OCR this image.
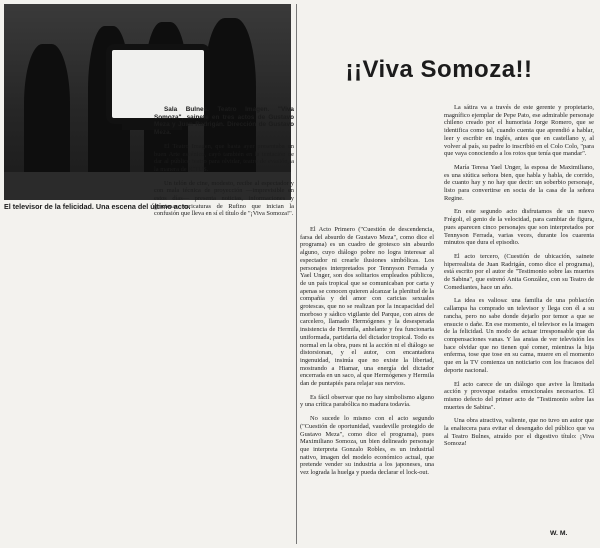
El televisor de la felicidad. Una escena del último acto.
¡¡Viva Somoza!!

Sala Bulnes. Teatro Imagen. "Viva Somoza", sainete en tres actos de Gustavo Meza y Juan Radrigán. Dirección de Gustavo Meza.

El Teatro Imagen, que hasta ayer presentaba un buen Arte escénico, cayó también en la tentación de dar al público teatro para olvidar, teatro de evasión, a la manera de ICTUS.

Un telón de cine, modesto, recibe al espectador y con mala técnica de proyección —imprevisible en estos días— presenta noticias, informaciones y graciosas caricaturas de Rufino que inician la confusión que lleva en sí el título de "¡Viva Somoza!".

El Acto Primero ("Cuestión de descendencia, farsa del absurdo de Gustavo Meza", como dice el programa) es un cuadro de grotesco sin absurdo alguno, cuyo diálogo pobre no logra interesar al espectador ni crearle ilusiones simbólicas. Los personajes interpretados por Tennyson Ferrada y Yael Unger, son dos solitarios empleados públicos, de un país tropical que se comunicaban por carta y apenas se conocen quieren alcanzar la plenitud de la compañía y del amor con caricias sexuales grotescas, que no se realizan por la incapacidad del morboso y sádico vigilante del Parque, con aires de carcelero, llamado Hermógenes y la desesperada insistencia de Hermila, anhelante y fea funcionaria uniformada, partidaria del dictador tropical. Todo es normal en la obra, pues ni la acción ni el diálogo se distorsionan, y el autor, con encantadora ingenuidad, insinúa que no existe la libertad, mostrando a Hiamar, una energía del dictador encerrada en un saco, al que Hermógenes y Hermila dan de puntapiés para relajar sus nervios.

Es fácil observar que no hay simbolismo alguno y una crítica parabólica no madura todavía.

No sucede lo mismo con el acto segundo ("Cuestión de oportunidad, vaudeville protegido de Gustavo Meza", como dice el programa), pues Maximiliano Somoza, un bien delineado personaje que interpreta Gonzalo Robles, es un industrial nativo, imagen del modelo económico actual, que pretende vender su industria a los japoneses, una vez lograda la huelga y pueda declarar el lock-out.

La sátira va a través de este gerente y propietario, magnífico ejemplar de Pepe Pato, ese admirable personaje chileno creado por el humorista Jorge Romero, que se identifica como tal, cuando cuenta que aprendió a hablar, leer y escribir en inglés, antes que en castellano y, al volver al país, su padre lo inscribió en el Colo Colo, "para que vaya conociendo a los rotos que tenía que mandar".

María Teresa Yael Unger, la esposa de Maximiliano, es una siútica señora bien, que habla y habla, de corrido, de cuanto hay y no hay que decir: un soberbio personaje, listo para convertirse en socia de la casa de la señora Regine.

En este segundo acto disfrutamos de un nuevo Frégoli, el genio de la velocidad, para cambiar de figura, pues aparecen cinco personajes que son interpretados por Tennyson Ferrada, varias veces, durante los cuarenta minutos que dura el episodio.

El acto tercero, (Cuestión de ubicación, sainete hiperrealista de Juan Radrigán, como dice el programa), está escrito por el autor de "Testimonio sobre las muertes de Sabina", que estrenó Anita González, con su Teatro de Comediantes, hace un año.

La idea es valiosa: una familia de una población callampa ha comprado un televisor y llega con él a su rancha, pero no sabe donde dejarlo por temor a que se ensucie o dañe. En ese momento, el televisor es la imagen de la felicidad. Un modo de actuar irresponsable que da compensaciones vanas. Y las ansias de ver televisión les hace olvidar que no tienen qué comer, mientras la hija enferma, tose que tose en su cama, muere en el momento que en la TV comienza un noticiario con los fracasos del deporte nacional.

El acto carece de un diálogo que avive la limitada acción y provoque estados emocionales necesarios. El mismo defecto del primer acto de "Testimonio sobre las muertes de Sabina".

Una obra atractiva, valiente, que no tuvo un autor que la enaltecera para evitar el desengaño del público que va al Teatro Bulnes, atraído por el digestivo título: ¡Viva Somoza!

W. M.
